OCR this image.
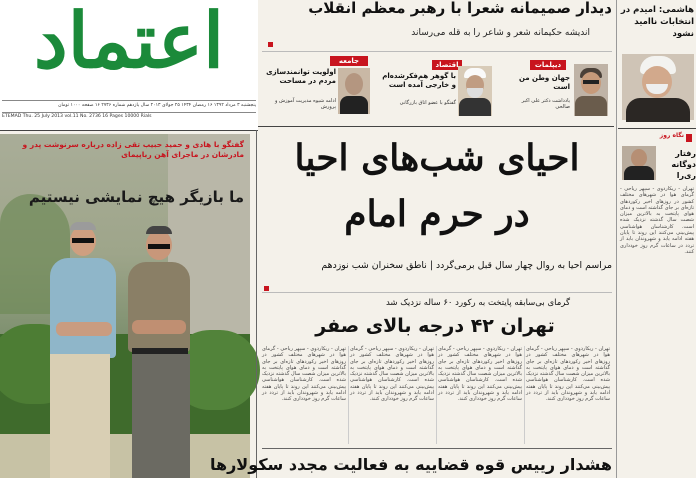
اعتماد
پنجشنبه ۳ مرداد ۱۳۹۲ ۱۶ رمضان ۱۴۳۴ ۲۵ جولای ۲۰۱۳ سال یازدهم شماره ۲۷۳۶ ۱۶ صفحه ۱۰۰۰ تومان
ETEMAD Thu. 25 July 2013 vol.11 No. 2736 16 Pages 10000 Rials
دیدار صمیمانه شعرا با رهبر معظم انقلاب
اندیشه حکیمانه شعر و شاعر را به قله می‌رساند
جامعه
اولویت توانمندسازی مردم در مساحت
ادامه شیوه مدیریت آموزش و پرورش
اقتصاد
با گوهر هم‌فکرشده‌ام و خارجی آمده است
گفتگو با عضو اتاق بازرگانی
دیپلمات
جهان وطن من است
یادداشت دکتر علی اکبر صالحی
هاشمی: امیدم در انتخابات ناامید نشود
نگاه روز
رفتار دوگانه ری‌را
تهران - ریکاردوی - سپهر ریاحی - گرمای هوا در شهرهای مختلف کشور در روزهای اخیر رکوردهای تازه‌ای بر جای گذاشته است و دمای هوای پایتخت به بالاترین میزان شصت سال گذشته نزدیک شده است. کارشناسان هواشناسی پیش‌بینی می‌کنند این روند تا پایان هفته ادامه یابد و شهروندان باید از تردد در ساعات گرم روز خودداری کنند.
گفتگو با هادی و حمید‌ حبیب تقی زاده درباره سرنوشت پدر و مادرشان در ماجرای آهن رباپیمای
ما بازیگر هیچ نمایشی نیستیم
احیای شب‌های احیا
در حرم امام
مراسم احیا به روال چهار سال قبل برمی‌گردد | ناطق سخنران شب نوزدهم
گرمای بی‌سابقه پایتخت به رکورد ۶۰ ساله نزدیک شد
تهران ۴۲ درجه بالای صفر
تهران - ریکاردوی - سپهر ریاحی - گرمای هوا در شهرهای مختلف کشور در روزهای اخیر رکوردهای تازه‌ای بر جای گذاشته است و دمای هوای پایتخت به بالاترین میزان شصت سال گذشته نزدیک شده است. کارشناسان هواشناسی پیش‌بینی می‌کنند این روند تا پایان هفته ادامه یابد و شهروندان باید از تردد در ساعات گرم روز خودداری کنند.
تهران - ریکاردوی - سپهر ریاحی - گرمای هوا در شهرهای مختلف کشور در روزهای اخیر رکوردهای تازه‌ای بر جای گذاشته است و دمای هوای پایتخت به بالاترین میزان شصت سال گذشته نزدیک شده است. کارشناسان هواشناسی پیش‌بینی می‌کنند این روند تا پایان هفته ادامه یابد و شهروندان باید از تردد در ساعات گرم روز خودداری کنند.
تهران - ریکاردوی - سپهر ریاحی - گرمای هوا در شهرهای مختلف کشور در روزهای اخیر رکوردهای تازه‌ای بر جای گذاشته است و دمای هوای پایتخت به بالاترین میزان شصت سال گذشته نزدیک شده است. کارشناسان هواشناسی پیش‌بینی می‌کنند این روند تا پایان هفته ادامه یابد و شهروندان باید از تردد در ساعات گرم روز خودداری کنند.
تهران - ریکاردوی - سپهر ریاحی - گرمای هوا در شهرهای مختلف کشور در روزهای اخیر رکوردهای تازه‌ای بر جای گذاشته است و دمای هوای پایتخت به بالاترین میزان شصت سال گذشته نزدیک شده است. کارشناسان هواشناسی پیش‌بینی می‌کنند این روند تا پایان هفته ادامه یابد و شهروندان باید از تردد در ساعات گرم روز خودداری کنند.
هشدار رییس قوه قضاییه به فعالیت مجدد سکولارها
